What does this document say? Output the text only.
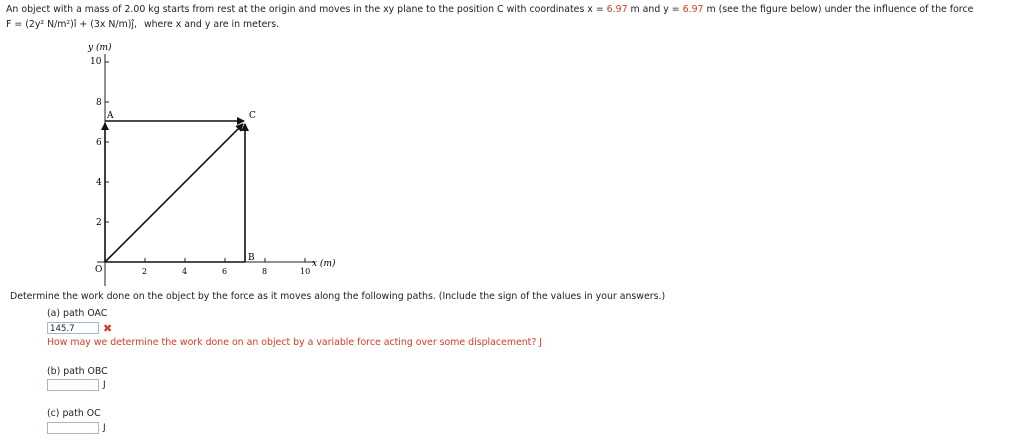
An object with a mass of 2.00 kg starts from rest at the origin and moves in the xy plane to the position C with coordinates x = 6.97 m and y = 6.97 m (see the figure below) under the influence of the force
F = (2y² N/m²)î + (3x N/m)ĵ, where x and y are in meters.
y (m)
10
8
6
4
2
O	2	4	6	8	10
x (m)
A	C
B
Determine the work done on the object by the force as it moves along the following paths. (Include the sign of the values in your answers.)
(a) path OAC
145.7	✖
How may we determine the work done on an object by a variable force acting over some displacement? J
(b) path OBC
J
(c) path OC
J
